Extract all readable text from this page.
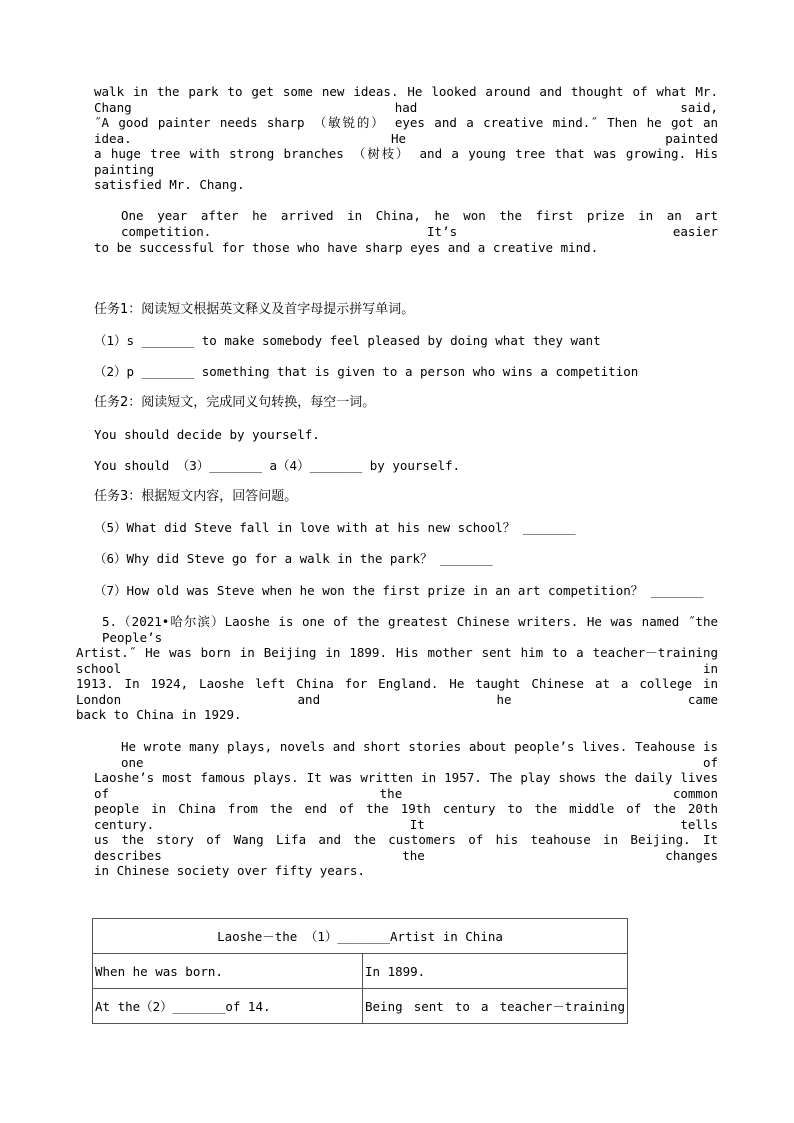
walk in the park to get some new ideas. He looked around and thought of what Mr. Chang had said,
˝A good painter needs sharp （敏锐的） eyes and a creative mind.˝ Then he got an idea. He painted
a huge tree with strong branches （树枝） and a young tree that was growing. His painting
satisfied Mr. Chang.
One year after he arrived in China, he won the first prize in an art competition. It’s easier
to be successful for those who have sharp eyes and a creative mind.
任务1：阅读短文根据英文释义及首字母提示拼写单词。
（1）s _______ to make somebody feel pleased by doing what they want
（2）p _______ something that is given to a person who wins a competition
任务2：阅读短文，完成同义句转换，每空一词。
You should decide by yourself.
You should （3）_______ a（4）_______ by yourself.
任务3：根据短文内容，回答问题。
（5）What did Steve fall in love with at his new school？ _______
（6）Why did Steve go for a walk in the park？ _______
（7）How old was Steve when he won the first prize in an art competition？ _______
5.（2021•哈尔滨）Laoshe is one of the greatest Chinese writers. He was named ˝the People’s
Artist.˝ He was born in Beijing in 1899. His mother sent him to a teacher－training school in
1913. In 1924, Laoshe left China for England. He taught Chinese at a college in London and he came
back to China in 1929.
He wrote many plays, novels and short stories about people’s lives. Teahouse is one of
Laoshe’s most famous plays. It was written in 1957. The play shows the daily lives of the common
people in China from the end of the 19th century to the middle of the 20th century. It tells
us the story of Wang Lifa and the customers of his teahouse in Beijing. It describes the changes
in Chinese society over fifty years.
Laoshe－the （1）_______Artist in China	
When he was born.	In 1899.
At the（2）_______of 14.	Being sent to a teacher－training
